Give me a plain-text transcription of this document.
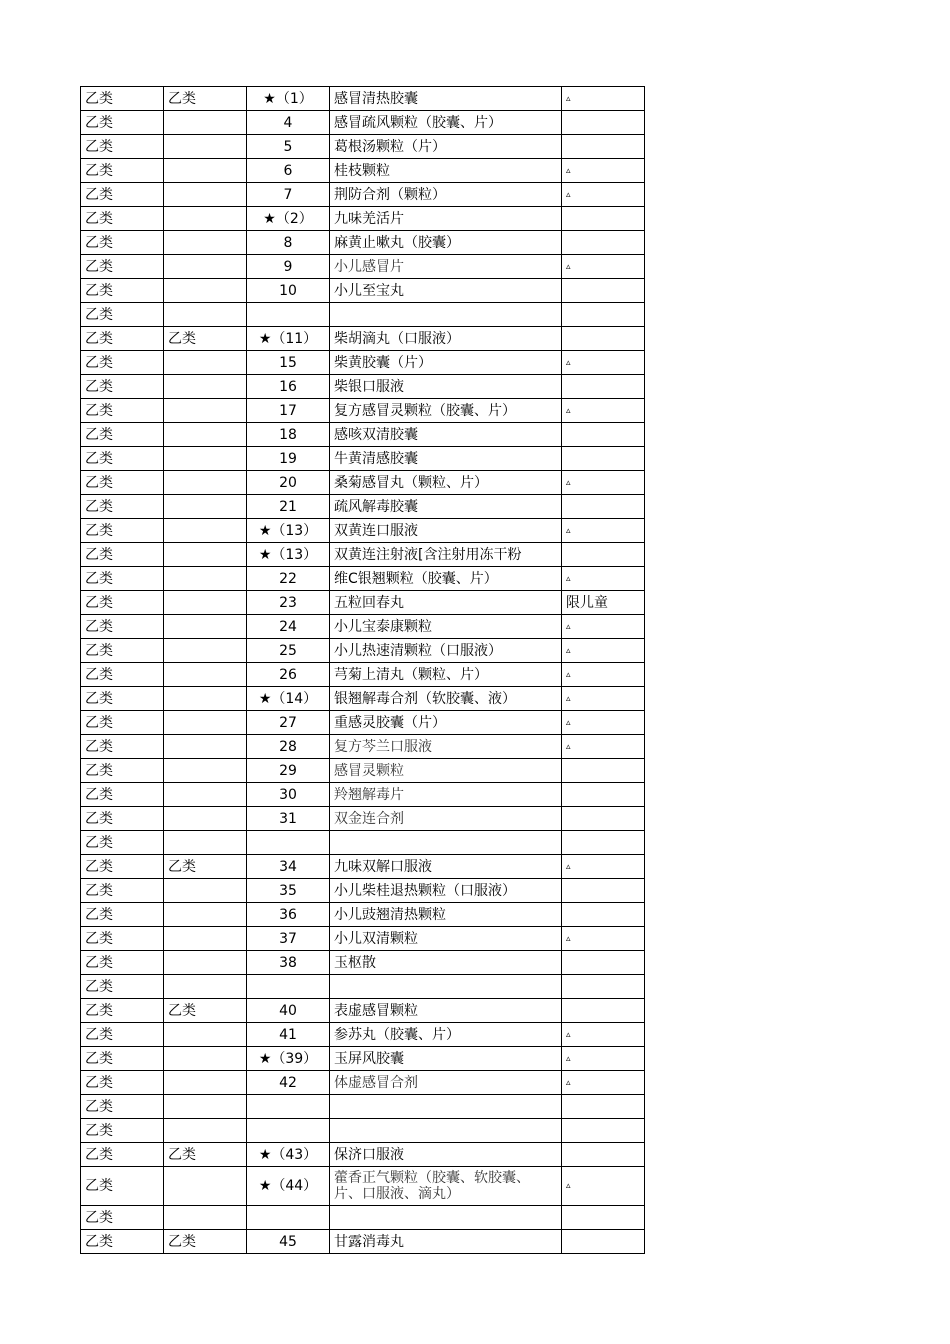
乙类	乙类	★（1）	感冒清热胶囊	▵
乙类		4	感冒疏风颗粒（胶囊、片）	
乙类		5	葛根汤颗粒（片）	
乙类		6	桂枝颗粒	▵
乙类		7	荆防合剂（颗粒）	▵
乙类		★（2）	九味羌活片	
乙类		8	麻黄止嗽丸（胶囊）	
乙类		9	小儿感冒片	▵
乙类		10	小儿至宝丸	
乙类				
乙类	乙类	★（11）	柴胡滴丸（口服液）	
乙类		15	柴黄胶囊（片）	▵
乙类		16	柴银口服液	
乙类		17	复方感冒灵颗粒（胶囊、片）	▵
乙类		18	感咳双清胶囊	
乙类		19	牛黄清感胶囊	
乙类		20	桑菊感冒丸（颗粒、片）	▵
乙类		21	疏风解毒胶囊	
乙类		★（13）	双黄连口服液	▵
乙类		★（13）	双黄连注射液[含注射用冻干粉	
乙类		22	维C银翘颗粒（胶囊、片）	▵
乙类		23	五粒回春丸	限儿童
乙类		24	小儿宝泰康颗粒	▵
乙类		25	小儿热速清颗粒（口服液）	▵
乙类		26	芎菊上清丸（颗粒、片）	▵
乙类		★（14）	银翘解毒合剂（软胶囊、液）	▵
乙类		27	重感灵胶囊（片）	▵
乙类		28	复方芩兰口服液	▵
乙类		29	感冒灵颗粒	
乙类		30	羚翘解毒片	
乙类		31	双金连合剂	
乙类				
乙类	乙类	34	九味双解口服液	▵
乙类		35	小儿柴桂退热颗粒（口服液）	
乙类		36	小儿豉翘清热颗粒	
乙类		37	小儿双清颗粒	▵
乙类		38	玉枢散	
乙类				
乙类	乙类	40	表虚感冒颗粒	
乙类		41	参苏丸（胶囊、片）	▵
乙类		★（39）	玉屏风胶囊	▵
乙类		42	体虚感冒合剂	▵
乙类				
乙类				
乙类	乙类	★（43）	保济口服液	
乙类		★（44）	藿香正气颗粒（胶囊、软胶囊、片、口服液、滴丸）	▵
乙类				
乙类	乙类	45	甘露消毒丸	
